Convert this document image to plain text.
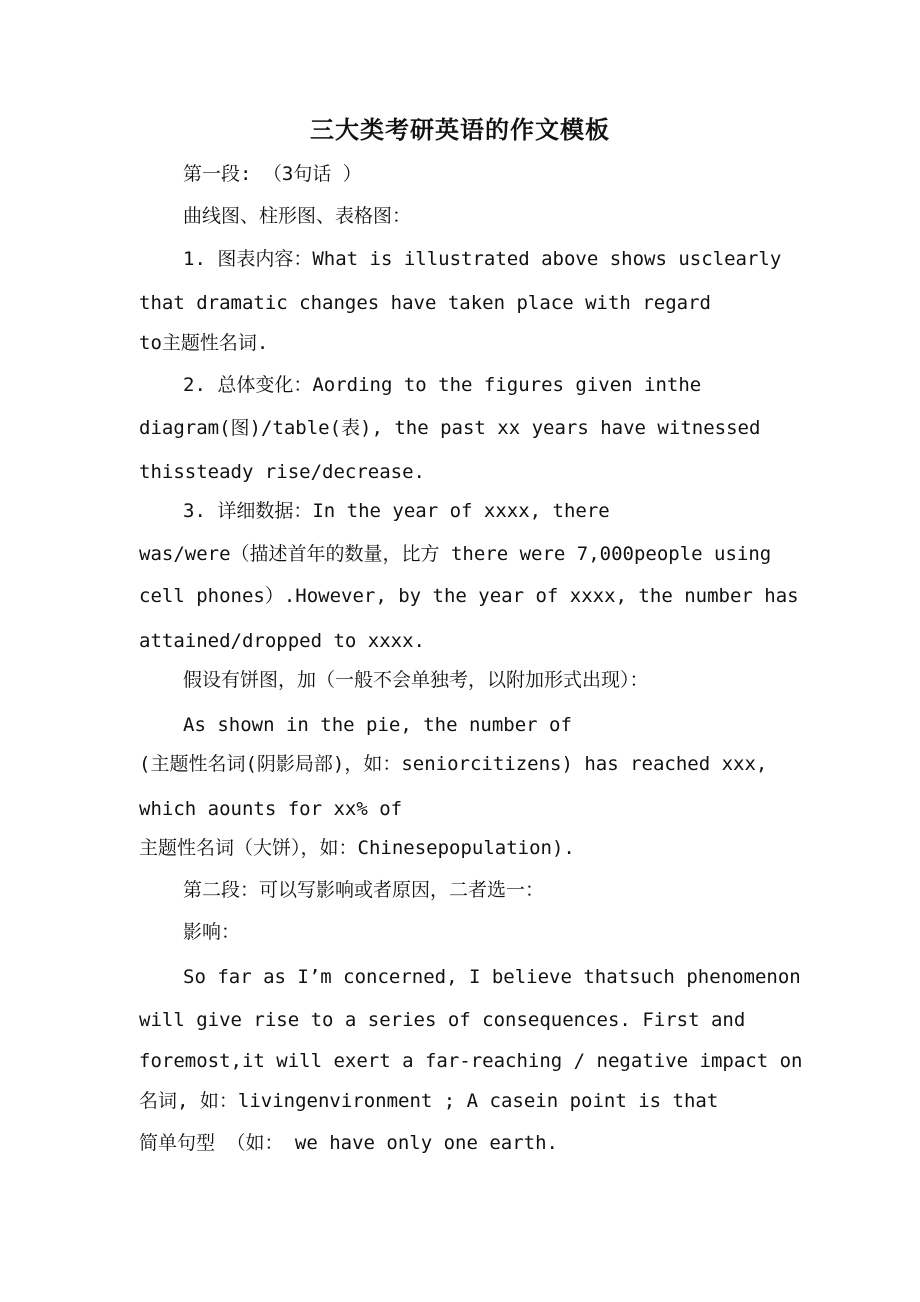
三大类考研英语的作文模板
第一段: （3句话 ）
曲线图、柱形图、表格图：
1. 图表内容：What is illustrated above shows usclearly
that dramatic changes have taken place with regard
to主题性名词.
2. 总体变化：Aording to the figures given inthe
diagram(图)/table(表), the past xx years have witnessed
thissteady rise/decrease.
3. 详细数据：In the year of xxxx, there
was/were（描述首年的数量，比方 there were 7,000people using
cell phones）.However, by the year of xxxx, the number has
attained/dropped to xxxx.
假设有饼图，加（一般不会单独考，以附加形式出现）：
As shown in the pie, the number of
(主题性名词(阴影局部)，如：seniorcitizens) has reached xxx,
which aounts for xx% of
主题性名词（大饼），如：Chinesepopulation).
第二段：可以写影响或者原因，二者选一：
影响：
So far as I’m concerned, I believe thatsuch phenomenon
will give rise to a series of consequences. First and
foremost,it will exert a far-reaching / negative impact on
名词, 如：livingenvironment ; A casein point is that
简单句型 （如： we have only one earth.
